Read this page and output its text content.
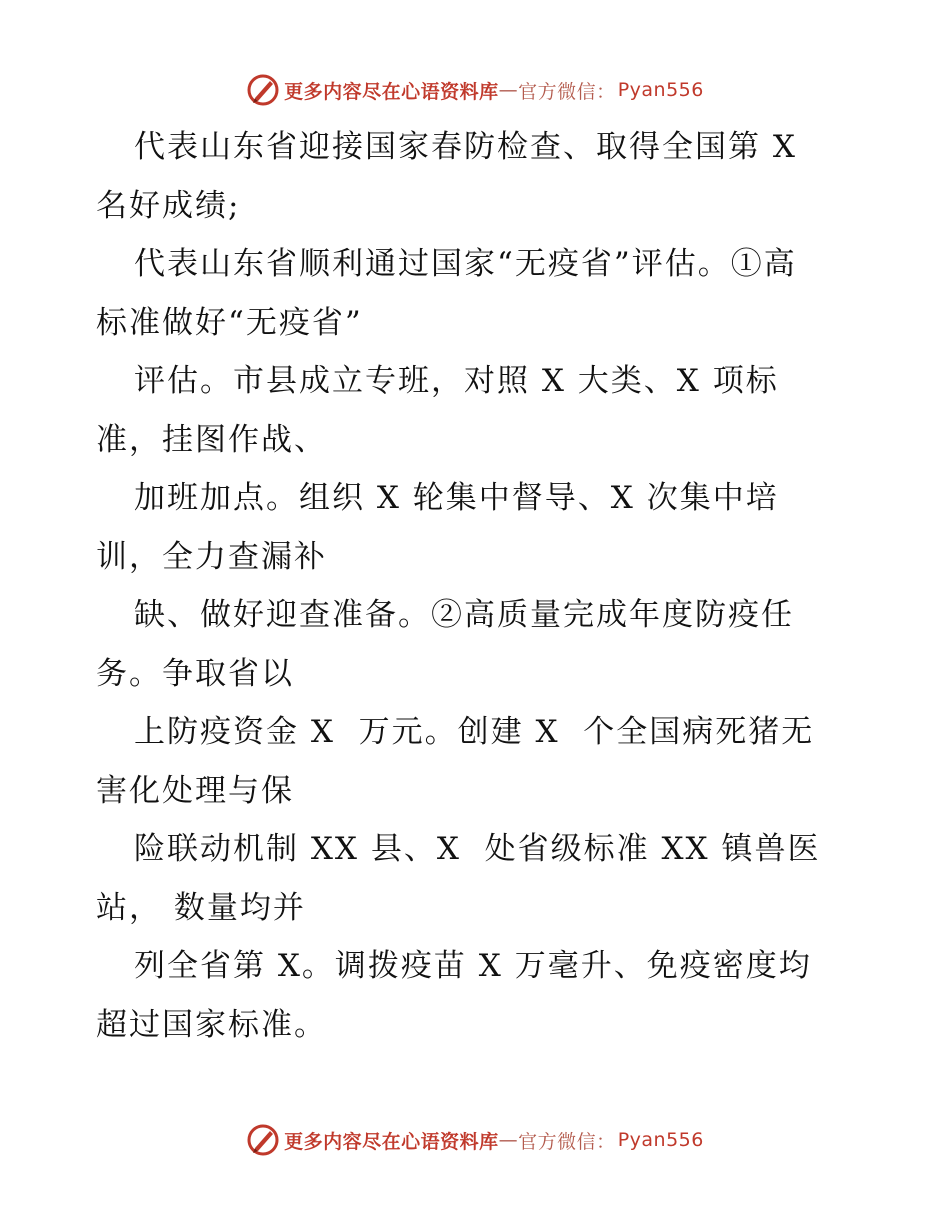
更多内容尽在心语资料库 — 官方微信： Pyan556
代表山东省迎接国家春防检查、取得全国第 X
名好成绩;
代表山东省顺利通过国家“无疫省”评估。①高
标准做好“无疫省”
评估。市县成立专班，对照 X 大类、X 项标
准，挂图作战、
加班加点。组织 X 轮集中督导、X 次集中培
训，全力查漏补
缺、做好迎查准备。②高质量完成年度防疫任
务。争取省以
上防疫资金 X  万元。创建 X  个全国病死猪无
害化处理与保
险联动机制 XX 县、X  处省级标准 XX 镇兽医
站， 数量均并
列全省第 X。调拨疫苗 X 万毫升、免疫密度均
超过国家标准。
更多内容尽在心语资料库 — 官方微信： Pyan556
